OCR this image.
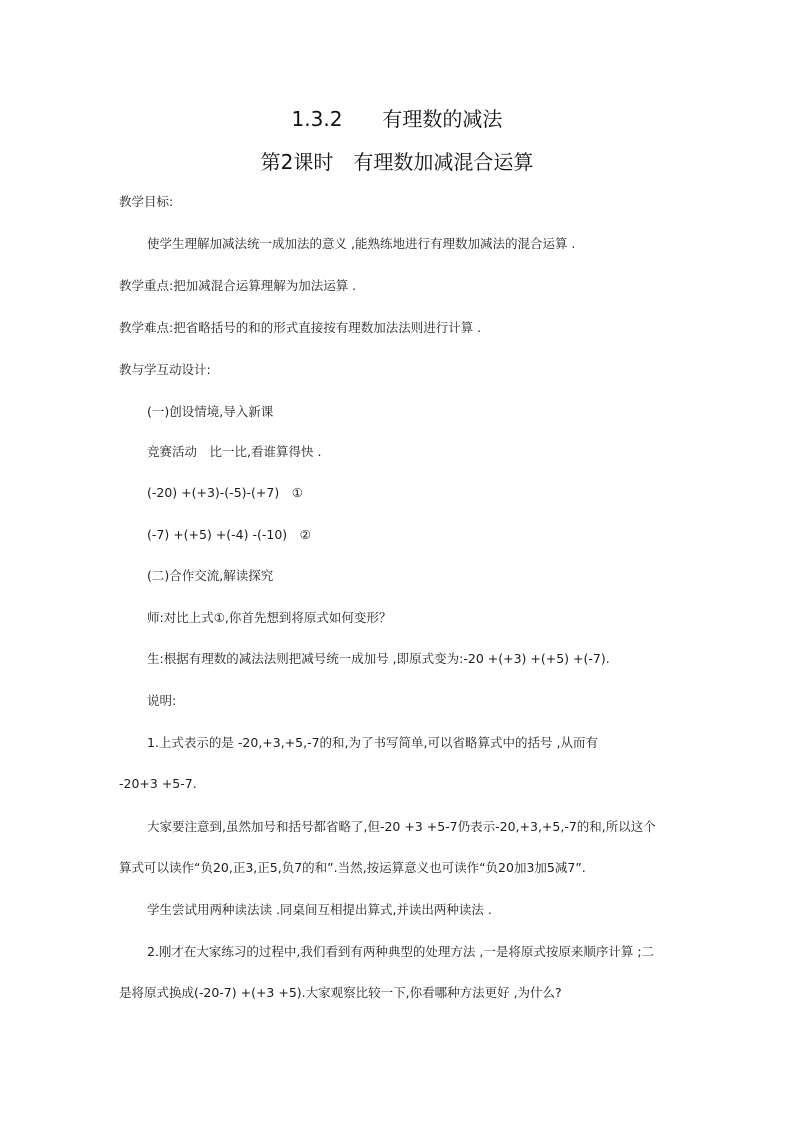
1.3.2　　有理数的减法
第2课时　有理数加减混合运算
教学目标:
使学生理解加减法统一成加法的意义 ,能熟练地进行有理数加减法的混合运算 .
教学重点:把加减混合运算理解为加法运算 .
教学难点:把省略括号的和的形式直接按有理数加法法则进行计算 .
教与学互动设计:
(一)创设情境,导入新课
竞赛活动　比一比,看谁算得快 .
(-20) +(+3)-(-5)-(+7)　①
(-7) +(+5) +(-4) -(-10)　②
(二)合作交流,解读探究
师:对比上式①,你首先想到将原式如何变形？
生:根据有理数的减法法则把减号统一成加号 ,即原式变为:-20 +(+3) +(+5) +(-7).
说明:
1.上式表示的是 -20,+3,+5,-7的和,为了书写简单,可以省略算式中的括号 ,从而有
-20+3 +5-7.
大家要注意到,虽然加号和括号都省略了,但-20 +3 +5-7仍表示-20,+3,+5,-7的和,所以这个
算式可以读作“负20,正3,正5,负7的和”.当然,按运算意义也可读作“负20加3加5减7”.
学生尝试用两种读法读 .同桌间互相提出算式,并读出两种读法 .
2.刚才在大家练习的过程中,我们看到有两种典型的处理方法 ,一是将原式按原来顺序计算 ;二
是将原式换成(-20-7) +(+3 +5).大家观察比较一下,你看哪种方法更好 ,为什么?
